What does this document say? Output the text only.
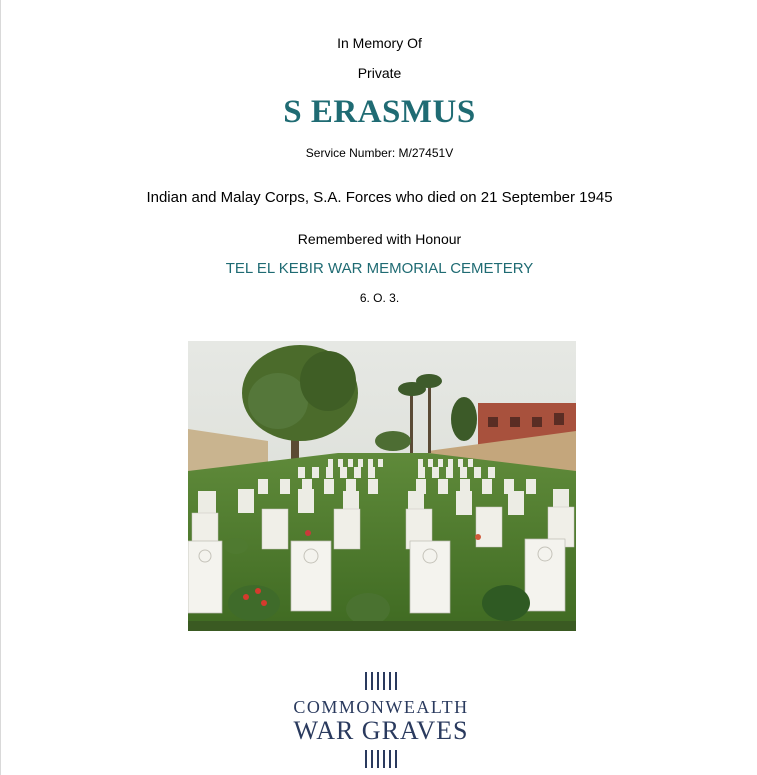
In Memory Of
Private
S ERASMUS
Service Number: M/27451V
Indian and Malay Corps, S.A. Forces who died on 21 September 1945
Remembered with Honour
TEL EL KEBIR WAR MEMORIAL CEMETERY
6. O. 3.
COMMONWEALTH
WAR GRAVES
